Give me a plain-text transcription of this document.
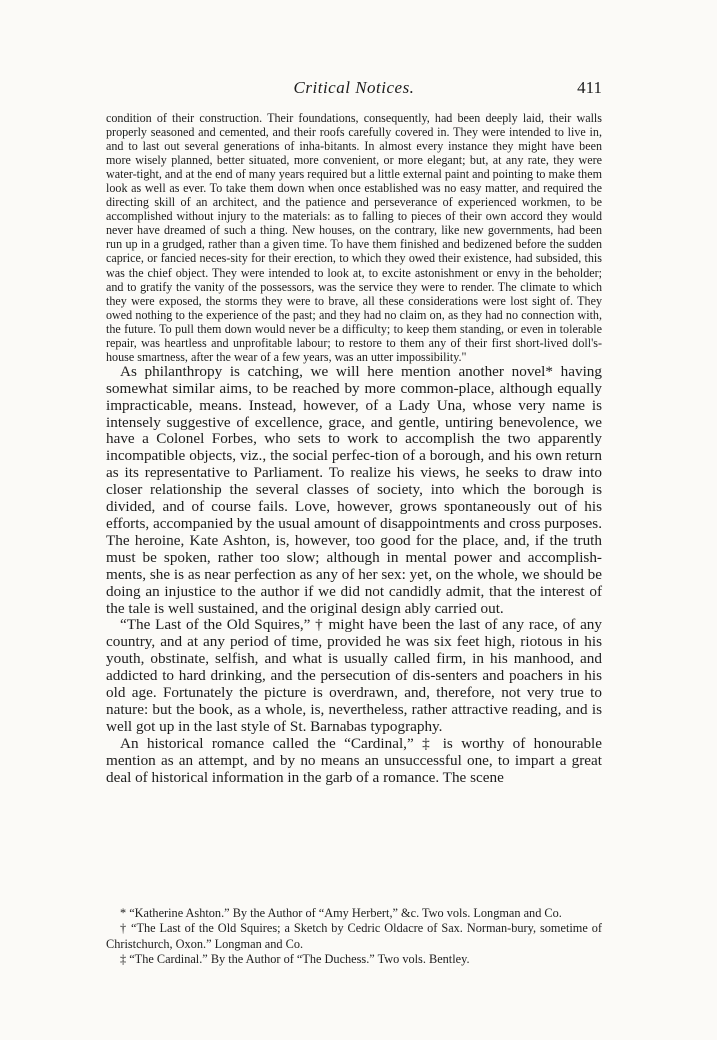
Critical Notices.	411

condition of their construction. Their foundations, consequently, had been deeply laid, their walls properly seasoned and cemented, and their roofs carefully covered in. They were intended to live in, and to last out several generations of inha-bitants. In almost every instance they might have been more wisely planned, better situated, more convenient, or more elegant; but, at any rate, they were water-tight, and at the end of many years required but a little external paint and pointing to make them look as well as ever. To take them down when once established was no easy matter, and required the directing skill of an architect, and the patience and perseverance of experienced workmen, to be accomplished without injury to the materials: as to falling to pieces of their own accord they would never have dreamed of such a thing. New houses, on the contrary, like new governments, had been run up in a grudged, rather than a given time. To have them finished and bedizened before the sudden caprice, or fancied neces-sity for their erection, to which they owed their existence, had subsided, this was the chief object. They were intended to look at, to excite astonishment or envy in the beholder; and to gratify the vanity of the possessors, was the service they were to render. The climate to which they were exposed, the storms they were to brave, all these considerations were lost sight of. They owed nothing to the experience of the past; and they had no claim on, as they had no connection with, the future. To pull them down would never be a difficulty; to keep them standing, or even in tolerable repair, was heartless and unprofitable labour; to restore to them any of their first short-lived doll's-house smartness, after the wear of a few years, was an utter impossibility."

As philanthropy is catching, we will here mention another novel* having somewhat similar aims, to be reached by more common-place, although equally impracticable, means. Instead, however, of a Lady Una, whose very name is intensely suggestive of excellence, grace, and gentle, untiring benevolence, we have a Colonel Forbes, who sets to work to accomplish the two apparently incompatible objects, viz., the social perfec-tion of a borough, and his own return as its representative to Parliament. To realize his views, he seeks to draw into closer relationship the several classes of society, into which the borough is divided, and of course fails. Love, however, grows spontaneously out of his efforts, accompanied by the usual amount of disappointments and cross purposes. The heroine, Kate Ashton, is, however, too good for the place, and, if the truth must be spoken, rather too slow; although in mental power and accomplish-ments, she is as near perfection as any of her sex: yet, on the whole, we should be doing an injustice to the author if we did not candidly admit, that the interest of the tale is well sustained, and the original design ably carried out.

“The Last of the Old Squires,” † might have been the last of any race, of any country, and at any period of time, provided he was six feet high, riotous in his youth, obstinate, selfish, and what is usually called firm, in his manhood, and addicted to hard drinking, and the persecution of dis-senters and poachers in his old age. Fortunately the picture is overdrawn, and, therefore, not very true to nature: but the book, as a whole, is, nevertheless, rather attractive reading, and is well got up in the last style of St. Barnabas typography.

An historical romance called the “Cardinal,” ‡ is worthy of honourable mention as an attempt, and by no means an unsuccessful one, to impart a great deal of historical information in the garb of a romance. The scene

* “Katherine Ashton.” By the Author of “Amy Herbert,” &c. Two vols. Longman and Co.

† “The Last of the Old Squires; a Sketch by Cedric Oldacre of Sax. Norman-bury, sometime of Christchurch, Oxon.” Longman and Co.

‡ “The Cardinal.” By the Author of “The Duchess.” Two vols. Bentley.
